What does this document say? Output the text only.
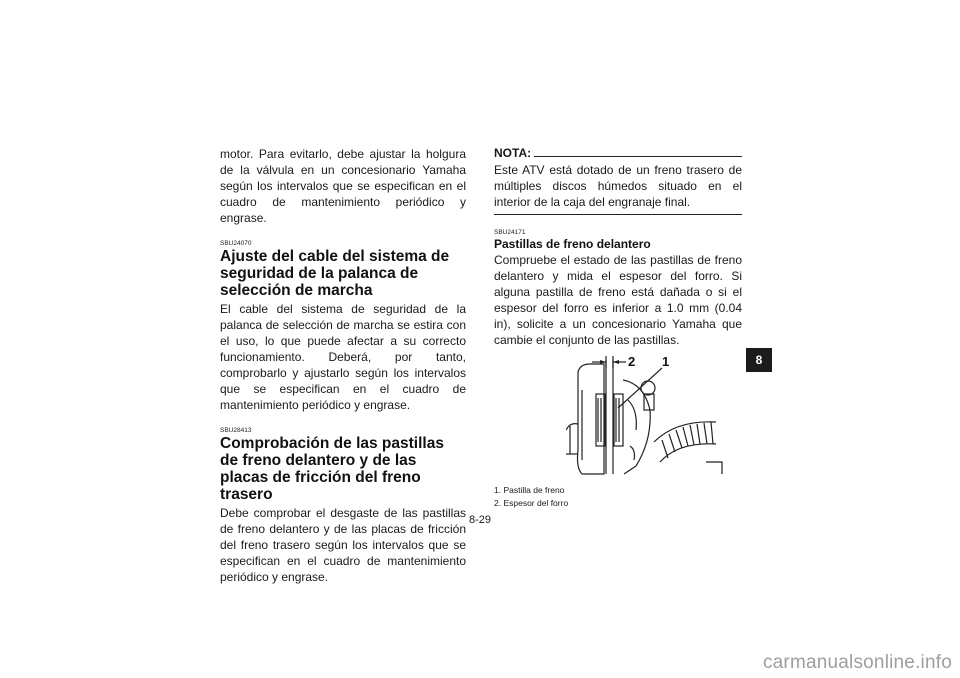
motor. Para evitarlo, debe ajustar la holgura de la válvula en un concesionario Yamaha según los intervalos que se especifican en el cuadro de mantenimiento periódico y engrase.

SBU24070
Ajuste del cable del sistema de seguridad de la palanca de selección de marcha

El cable del sistema de seguridad de la palanca de selección de marcha se estira con el uso, lo que puede afectar a su correcto funcionamiento. Deberá, por tanto, comprobarlo y ajustarlo según los intervalos que se especifican en el cuadro de mantenimiento periódico y engrase.

SBU28413
Comprobación de las pastillas de freno delantero y de las placas de fricción del freno trasero

Debe comprobar el desgaste de las pastillas de freno delantero y de las placas de fricción del freno trasero según los intervalos que se especifican en el cuadro de mantenimiento periódico y engrase.

NOTA:

Este ATV está dotado de un freno trasero de múltiples discos húmedos situado en el interior de la caja del engranaje final.

SBU24171
Pastillas de freno delantero

Compruebe el estado de las pastillas de freno delantero y mida el espesor del forro. Si alguna pastilla de freno está dañada o si el espesor del forro es inferior a 1.0 mm (0.04 in), solicite a un concesionario Yamaha que cambie el conjunto de las pastillas.

2 1
1. Pastilla de freno
2. Espesor del forro
8
8-29
carmanualsonline.info
